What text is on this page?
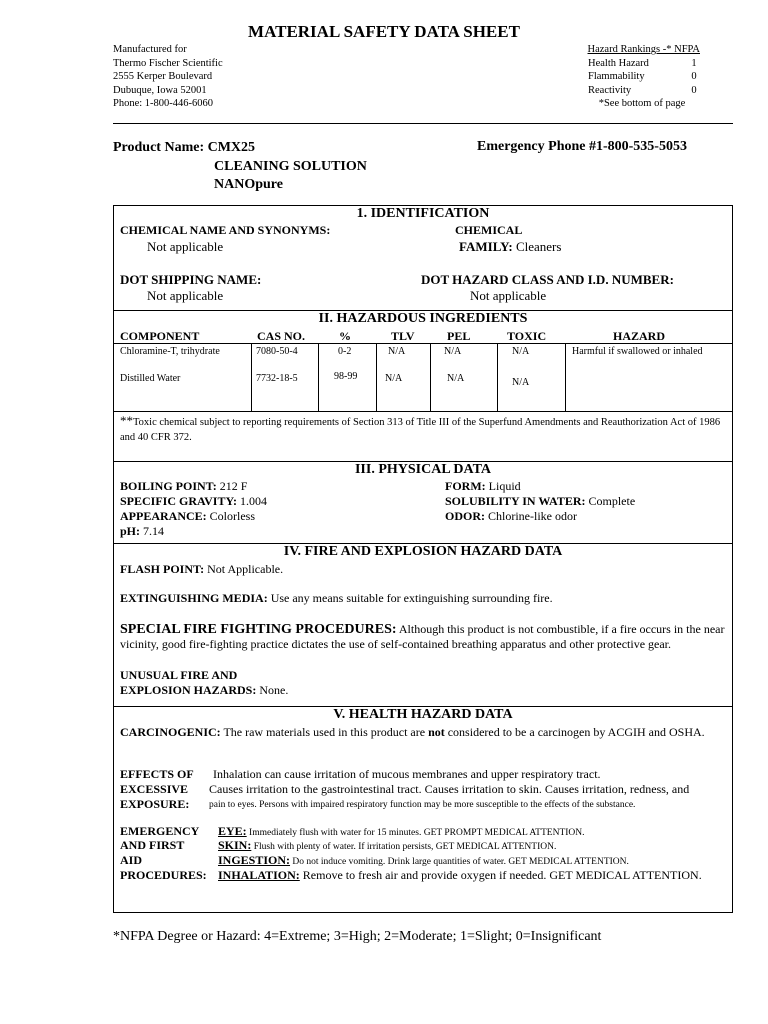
MATERIAL SAFETY DATA SHEET
Manufactured for
Thermo Fischer Scientific
2555 Kerper Boulevard
Dubuque, Iowa 52001
Phone: 1-800-446-6060
Hazard Rankings -* NFPA
Health Hazard	1
Flammability	0
Reactivity	0
*See bottom of page
Product Name: CMX25
CLEANING SOLUTION
NANOpure
Emergency Phone #1-800-535-5053
1. IDENTIFICATION
CHEMICAL NAME AND SYNONYMS:
Not applicable
CHEMICAL
FAMILY: Cleaners
DOT SHIPPING NAME:
Not applicable
DOT HAZARD CLASS AND I.D. NUMBER:
Not applicable
II. HAZARDOUS INGREDIENTS
COMPONENT	CAS NO.	%	TLV	PEL	TOXIC	HAZARD
Chloramine-T, trihydrate	7080-50-4	0-2	N/A	N/A	N/A	Harmful if swallowed or inhaled
Distilled Water	7732-18-5	98-99	N/A	N/A	N/A
**Toxic chemical subject to reporting requirements of Section 313 of Title III of the Superfund Amendments and Reauthorization Act of 1986 and 40 CFR 372.
III. PHYSICAL DATA
BOILING POINT: 212 F
SPECIFIC GRAVITY: 1.004
APPEARANCE: Colorless
pH: 7.14
FORM: Liquid
SOLUBILITY IN WATER: Complete
ODOR: Chlorine-like odor
IV. FIRE AND EXPLOSION HAZARD DATA
FLASH POINT: Not Applicable.
EXTINGUISHING MEDIA: Use any means suitable for extinguishing surrounding fire.
SPECIAL FIRE FIGHTING PROCEDURES: Although this product is not combustible, if a fire occurs in the near vicinity, good fire-fighting practice dictates the use of self-contained breathing apparatus and other protective gear.
UNUSUAL FIRE AND
EXPLOSION HAZARDS: None.
V. HEALTH HAZARD DATA
CARCINOGENIC: The raw materials used in this product are not considered to be a carcinogen by ACGIH and OSHA.
EFFECTS OF
EXCESSIVE
EXPOSURE:
Inhalation can cause irritation of mucous membranes and upper respiratory tract.
Causes irritation to the gastrointestinal tract. Causes irritation to skin. Causes irritation, redness, and
pain to eyes. Persons with impaired respiratory function may be more susceptible to the effects of the substance.
EMERGENCY
AND FIRST
AID
PROCEDURES:
EYE: Immediately flush with water for 15 minutes. GET PROMPT MEDICAL ATTENTION.
SKIN: Flush with plenty of water. If irritation persists, GET MEDICAL ATTENTION.
INGESTION: Do not induce vomiting. Drink large quantities of water. GET MEDICAL ATTENTION.
INHALATION: Remove to fresh air and provide oxygen if needed. GET MEDICAL ATTENTION.
*NFPA Degree or Hazard: 4=Extreme; 3=High; 2=Moderate; 1=Slight; 0=Insignificant
